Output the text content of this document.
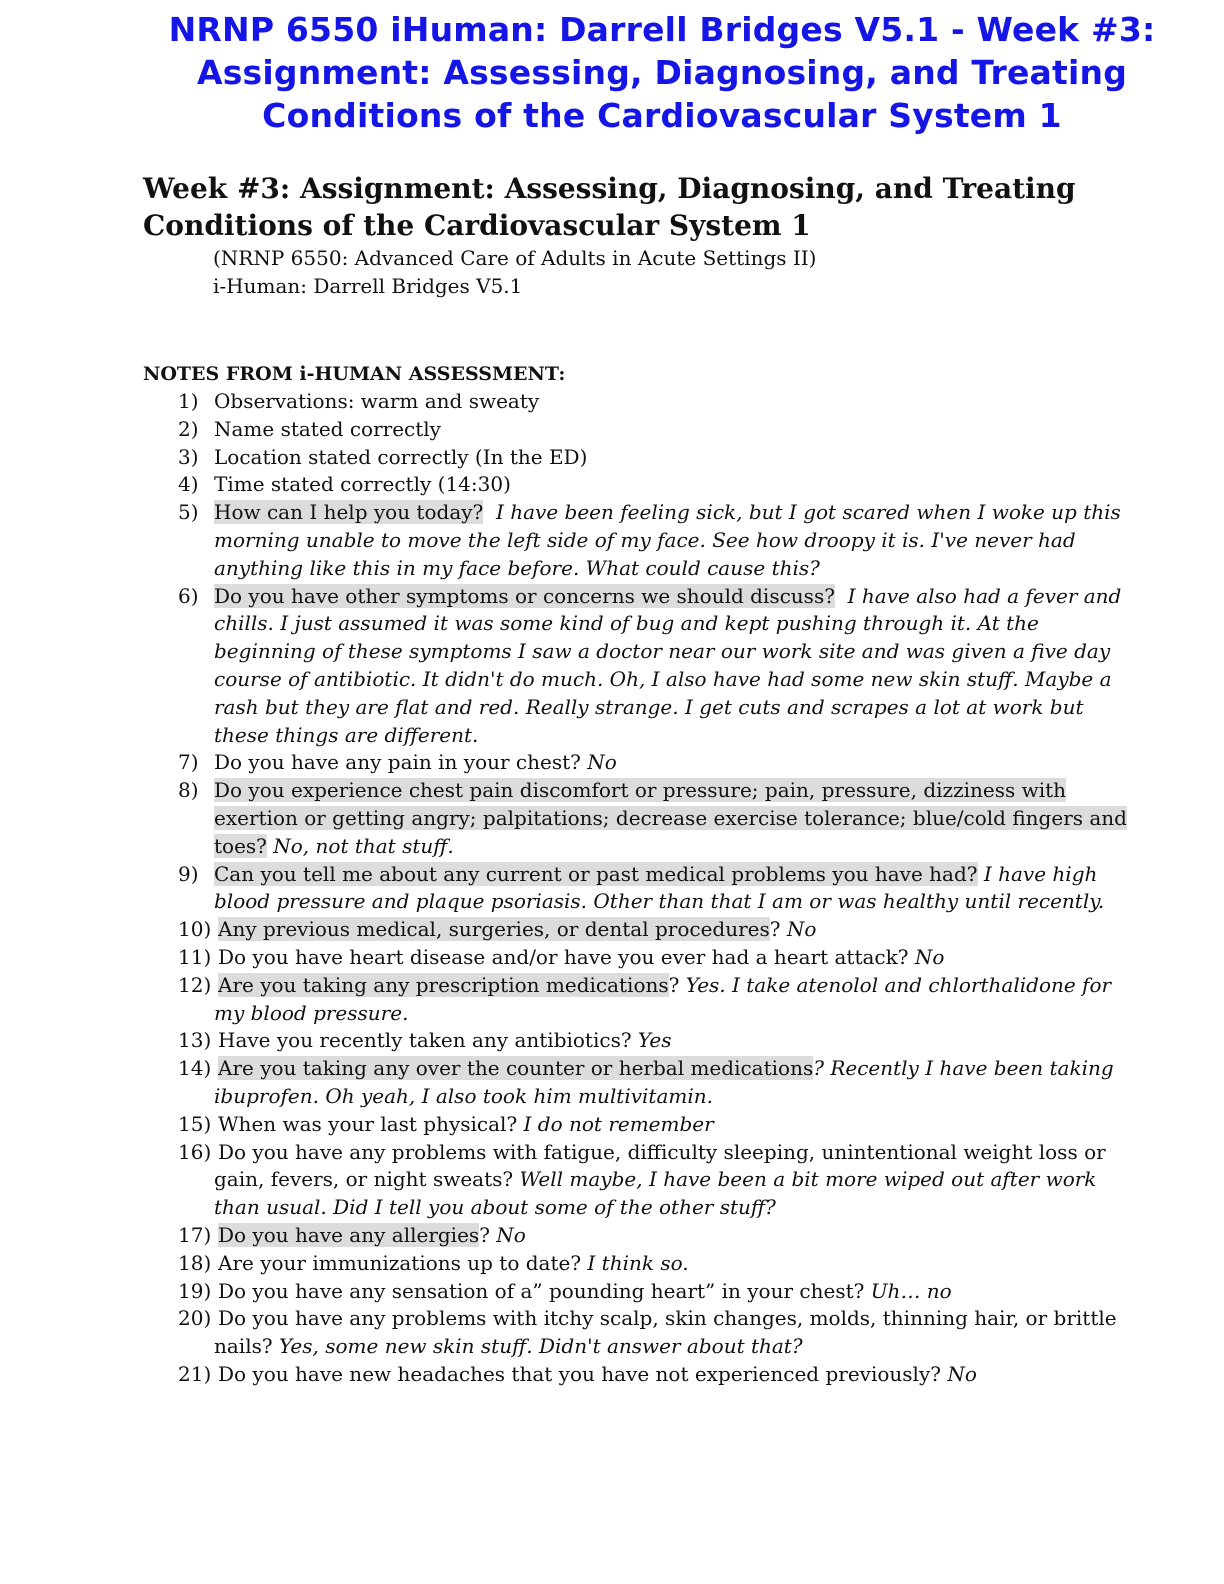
NRNP 6550 iHuman: Darrell Bridges V5.1 - Week #3:
Assignment: Assessing, Diagnosing, and Treating
Conditions of the Cardiovascular System 1
Week #3: Assignment: Assessing, Diagnosing, and Treating
Conditions of the Cardiovascular System 1
(NRNP 6550: Advanced Care of Adults in Acute Settings II)
i-Human: Darrell Bridges V5.1
NOTES FROM i-HUMAN ASSESSMENT:
1) Observations: warm and sweaty
2) Name stated correctly
3) Location stated correctly (In the ED)
4) Time stated correctly (14:30)
5) How can I help you today? I have been feeling sick, but I got scared when I woke up this morning unable to move the left side of my face. See how droopy it is. I've never had anything like this in my face before. What could cause this?
6) Do you have other symptoms or concerns we should discuss? I have also had a fever and chills. I just assumed it was some kind of bug and kept pushing through it. At the beginning of these symptoms I saw a doctor near our work site and was given a five day course of antibiotic. It didn't do much. Oh, I also have had some new skin stuff. Maybe a rash but they are flat and red. Really strange. I get cuts and scrapes a lot at work but these things are different.
7) Do you have any pain in your chest? No
8) Do you experience chest pain discomfort or pressure; pain, pressure, dizziness with exertion or getting angry; palpitations; decrease exercise tolerance; blue/cold fingers and toes? No, not that stuff.
9) Can you tell me about any current or past medical problems you have had? I have high blood pressure and plaque psoriasis. Other than that I am or was healthy until recently.
10) Any previous medical, surgeries, or dental procedures? No
11) Do you have heart disease and/or have you ever had a heart attack? No
12) Are you taking any prescription medications? Yes. I take atenolol and chlorthalidone for my blood pressure.
13) Have you recently taken any antibiotics? Yes
14) Are you taking any over the counter or herbal medications? Recently I have been taking ibuprofen. Oh yeah, I also took him multivitamin.
15) When was your last physical? I do not remember
16) Do you have any problems with fatigue, difficulty sleeping, unintentional weight loss or gain, fevers, or night sweats? Well maybe, I have been a bit more wiped out after work than usual. Did I tell you about some of the other stuff?
17) Do you have any allergies? No
18) Are your immunizations up to date? I think so.
19) Do you have any sensation of a” pounding heart” in your chest? Uh… no
20) Do you have any problems with itchy scalp, skin changes, molds, thinning hair, or brittle nails? Yes, some new skin stuff. Didn't answer about that?
21) Do you have new headaches that you have not experienced previously? No
